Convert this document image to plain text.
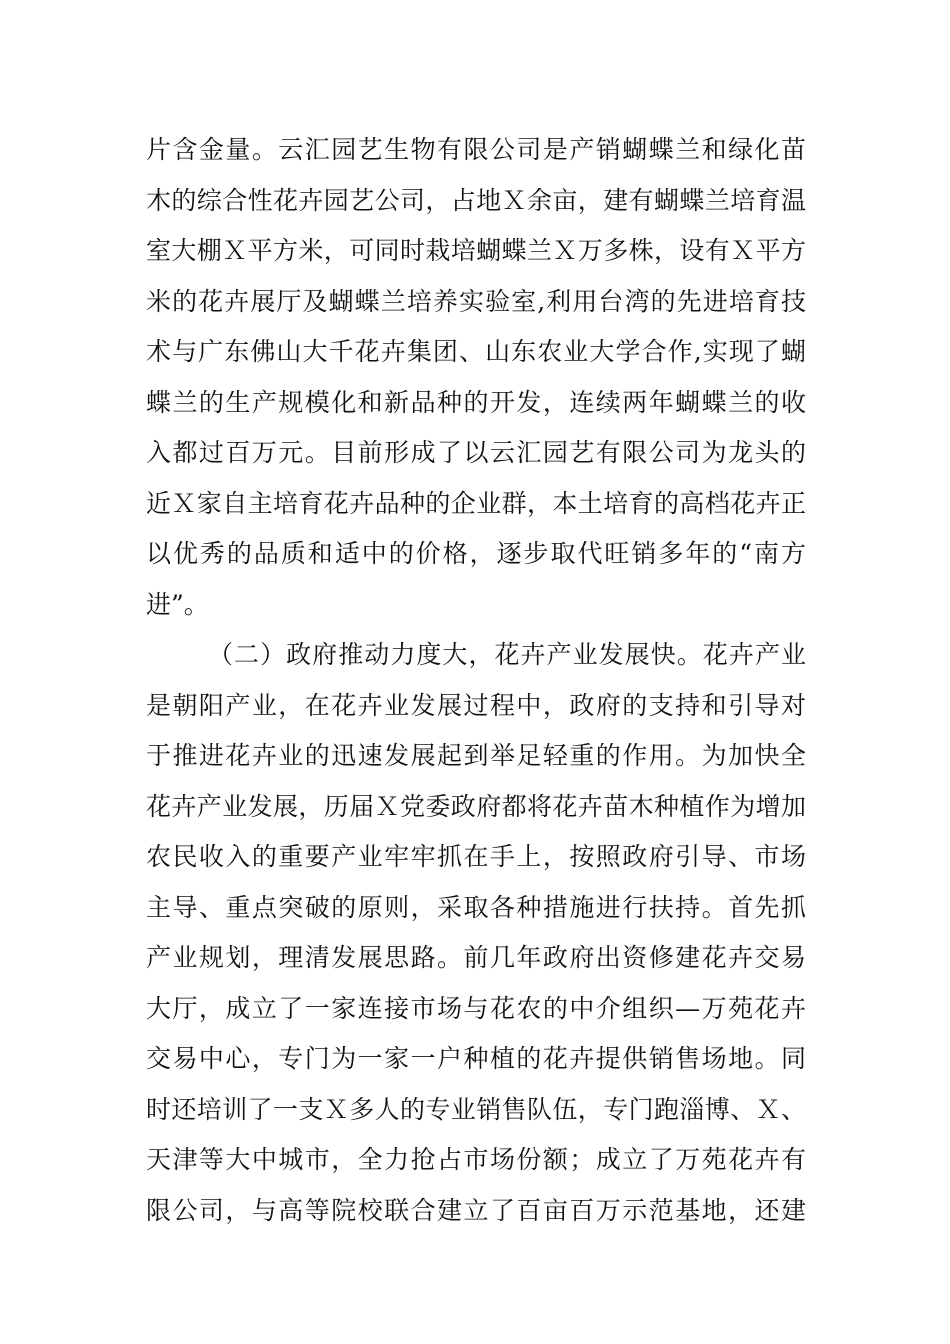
片含金量。云汇园艺生物有限公司是产销蝴蝶兰和绿化苗
木的综合性花卉园艺公司，占地Ｘ余亩，建有蝴蝶兰培育温
室大棚Ｘ平方米，可同时栽培蝴蝶兰Ｘ万多株，设有Ｘ平方
米的花卉展厅及蝴蝶兰培养实验室,利用台湾的先进培育技
术与广东佛山大千花卉集团、山东农业大学合作,实现了蝴
蝶兰的生产规模化和新品种的开发，连续两年蝴蝶兰的收
入都过百万元。目前形成了以云汇园艺有限公司为龙头的
近Ｘ家自主培育花卉品种的企业群，本土培育的高档花卉正
以优秀的品质和适中的价格，逐步取代旺销多年的“南方
进”。
（二）政府推动力度大，花卉产业发展快。花卉产业
是朝阳产业，在花卉业发展过程中，政府的支持和引导对
于推进花卉业的迅速发展起到举足轻重的作用。为加快全
花卉产业发展，历届Ｘ党委政府都将花卉苗木种植作为增加
农民收入的重要产业牢牢抓在手上，按照政府引导、市场
主导、重点突破的原则，采取各种措施进行扶持。首先抓
产业规划，理清发展思路。前几年政府出资修建花卉交易
大厅，成立了一家连接市场与花农的中介组织—万苑花卉
交易中心，专门为一家一户种植的花卉提供销售场地。同
时还培训了一支Ｘ多人的专业销售队伍，专门跑淄博、Ｘ、
天津等大中城市，全力抢占市场份额；成立了万苑花卉有
限公司，与高等院校联合建立了百亩百万示范基地，还建
